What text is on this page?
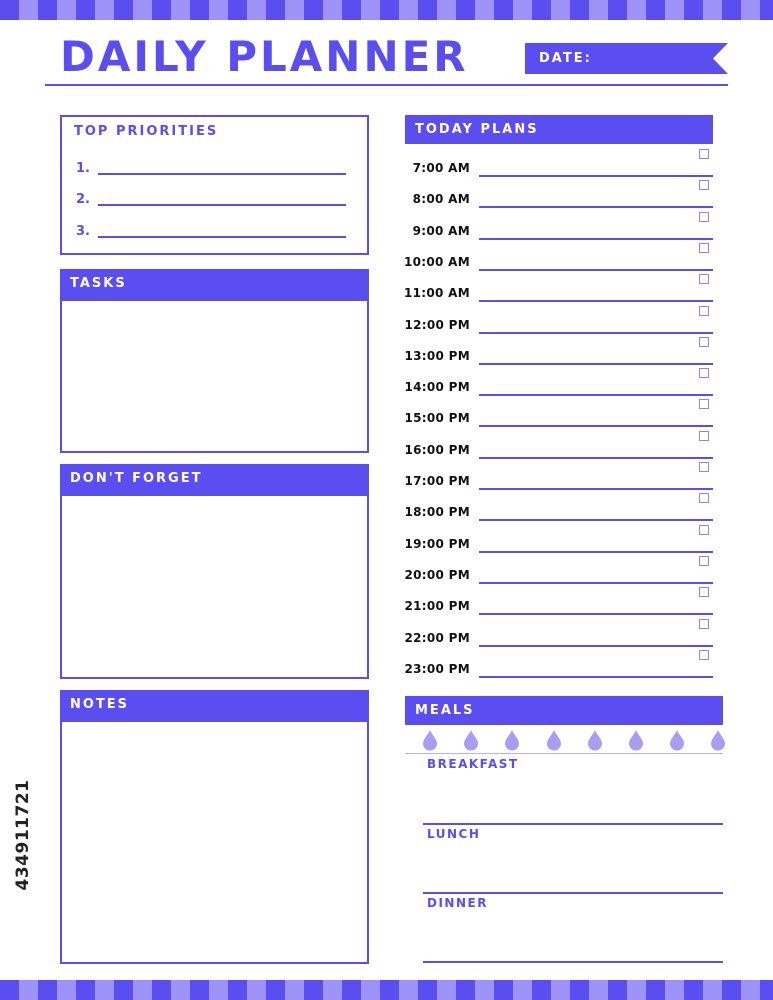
DAILY PLANNER	DATE:
TOP PRIORITIES
1.
2.
3.
TASKS
DON'T FORGET
NOTES
TODAY PLANS
7:00 AM
8:00 AM
9:00 AM
10:00 AM
11:00 AM
12:00 PM
13:00 PM
14:00 PM
15:00 PM
16:00 PM
17:00 PM
18:00 PM
19:00 PM
20:00 PM
21:00 PM
22:00 PM
23:00 PM
MEALS
BREAKFAST
LUNCH
DINNER
434911721
